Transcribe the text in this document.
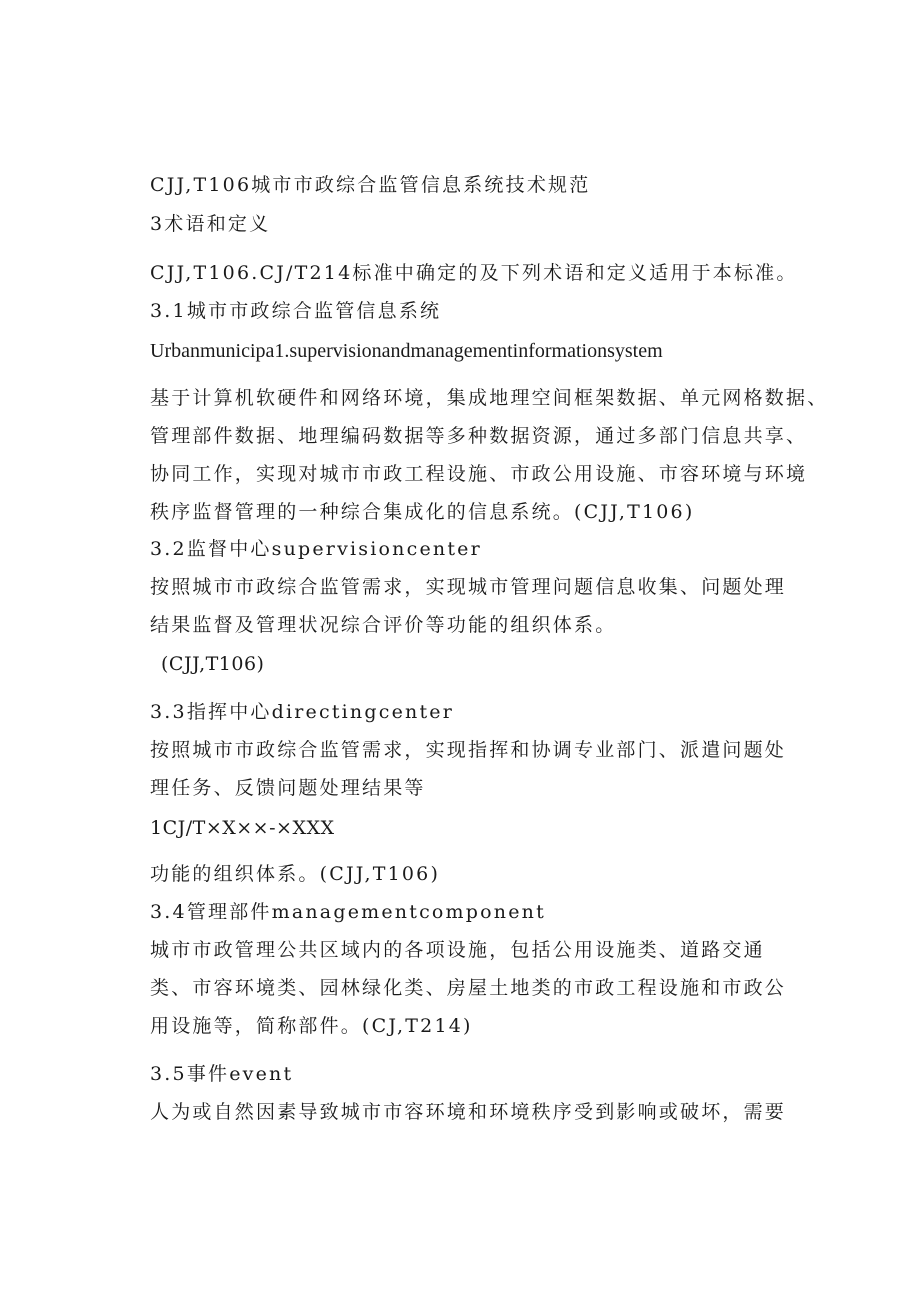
CJJ,T106城市市政综合监管信息系统技术规范
3术语和定义
CJJ,T106.CJ/T214标准中确定的及下列术语和定义适用于本标准。
3.1城市市政综合监管信息系统
Urbanmunicipa1.supervisionandmanagementinformationsystem
基于计算机软硬件和网络环境，集成地理空间框架数据、单元网格数据、
管理部件数据、地理编码数据等多种数据资源，通过多部门信息共享、
协同工作，实现对城市市政工程设施、市政公用设施、市容环境与环境
秩序监督管理的一种综合集成化的信息系统。(CJJ,T106)
3.2监督中心supervisioncenter
按照城市市政综合监管需求，实现城市管理问题信息收集、问题处理
结果监督及管理状况综合评价等功能的组织体系。
(CJJ,T106)
3.3指挥中心directingcenter
按照城市市政综合监管需求，实现指挥和协调专业部门、派遣问题处
理任务、反馈问题处理结果等
1CJ/T×X××-×XXX
功能的组织体系。(CJJ,T106)
3.4管理部件managementcomponent
城市市政管理公共区域内的各项设施，包括公用设施类、道路交通
类、市容环境类、园林绿化类、房屋土地类的市政工程设施和市政公
用设施等，简称部件。(CJ,T214)
3.5事件event
人为或自然因素导致城市市容环境和环境秩序受到影响或破坏，需要
